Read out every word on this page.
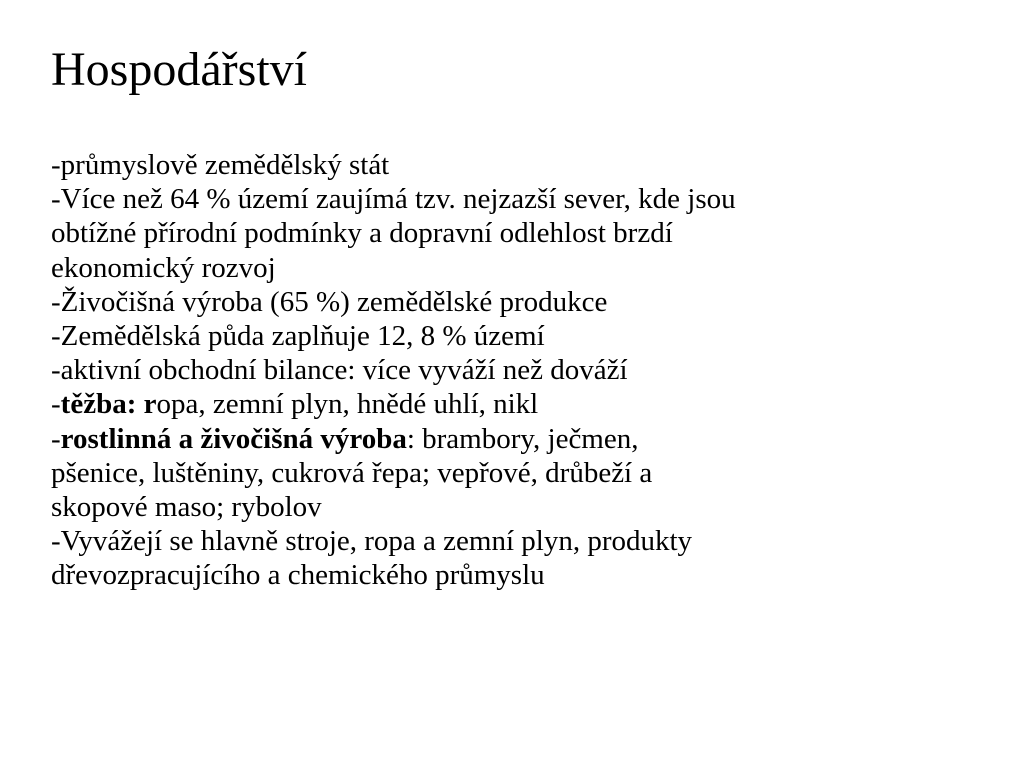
Hospodářství
-průmyslově zemědělský stát
-Více než 64 % území zaujímá tzv. nejzazší sever, kde jsou
obtížné přírodní podmínky a dopravní odlehlost brzdí
ekonomický rozvoj
-Živočišná výroba (65 %) zemědělské produkce
-Zemědělská půda zaplňuje 12, 8 % území
-aktivní obchodní bilance: více vyváží než dováží
-těžba: ropa, zemní plyn, hnědé uhlí, nikl
-rostlinná a živočišná výroba: brambory, ječmen,
pšenice, luštěniny, cukrová řepa; vepřové, drůbeží a
skopové maso; rybolov
-Vyvážejí se hlavně stroje, ropa a zemní plyn, produkty
dřevozpracujícího a chemického průmyslu
